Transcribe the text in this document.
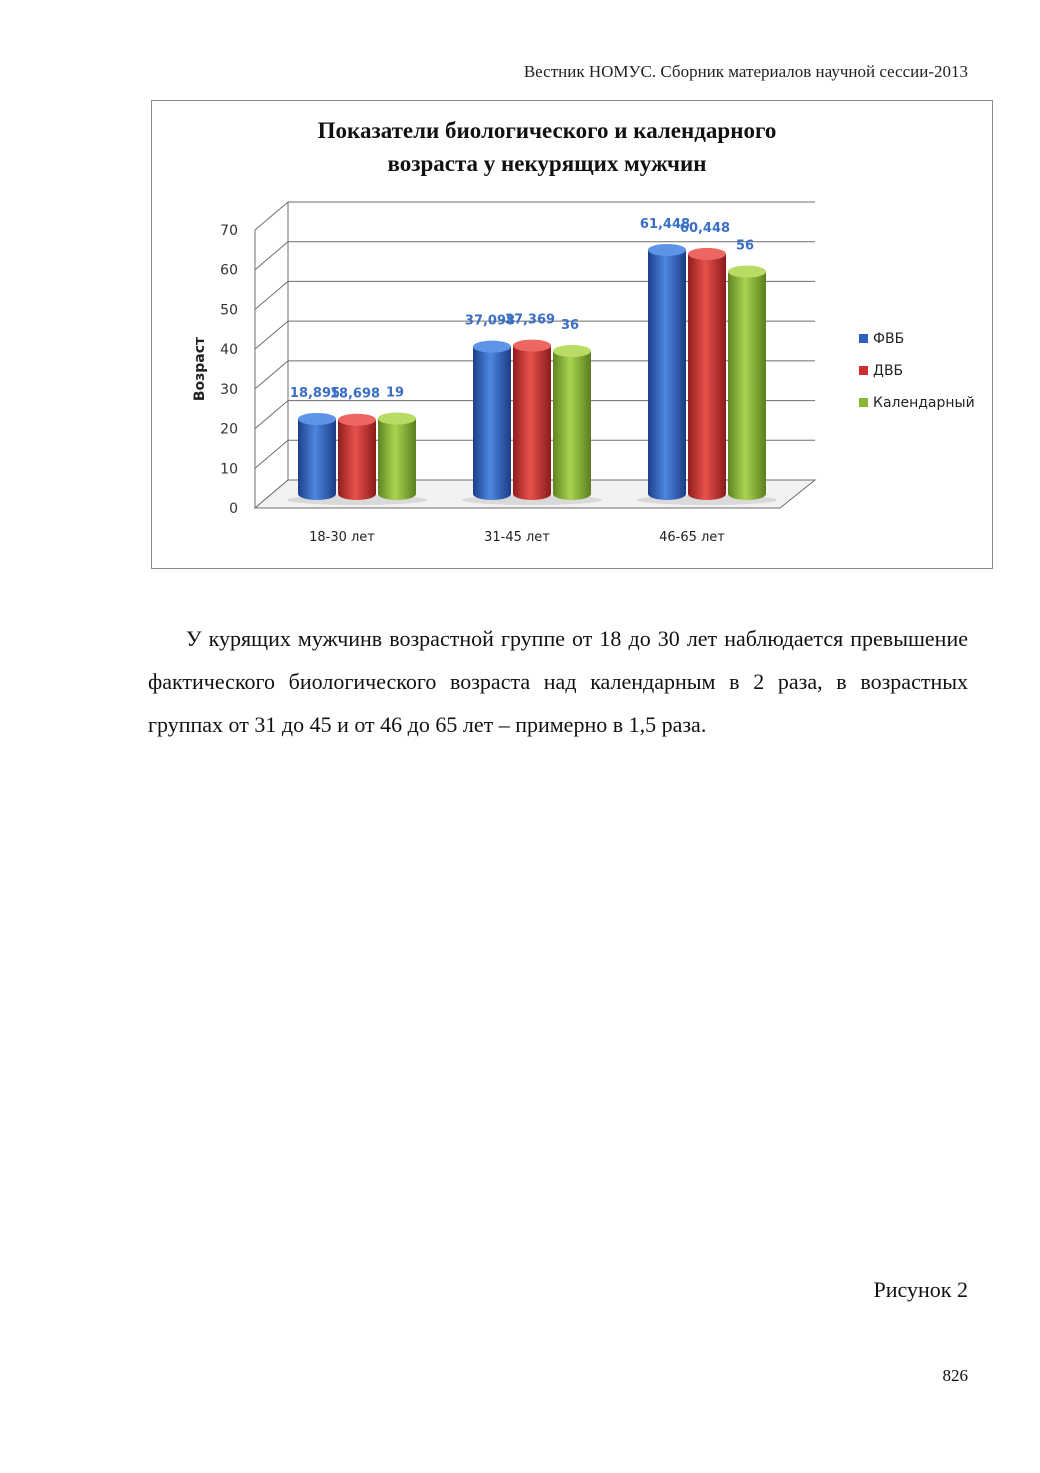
Вестник НОМУС. Сборник материалов научной сессии-2013
Показатели биологического и календарного
возраста у некурящих мужчин
0
10
20
30
40
50
60
70
Возраст	18,895
18,698 19
18-30 лет
37,098
37,369 36
31-45 лет
61,448
60,448
56
46-65 лет
ФВБ
ДВБ
Календарный
У курящих мужчинв возрастной группе от 18 до 30 лет наблюдается превышение фактического биологического возраста над календарным в 2 раза, в возрастных группах от 31 до 45 и от 46 до 65 лет – примерно в 1,5 раза.
Рисунок 2
826
